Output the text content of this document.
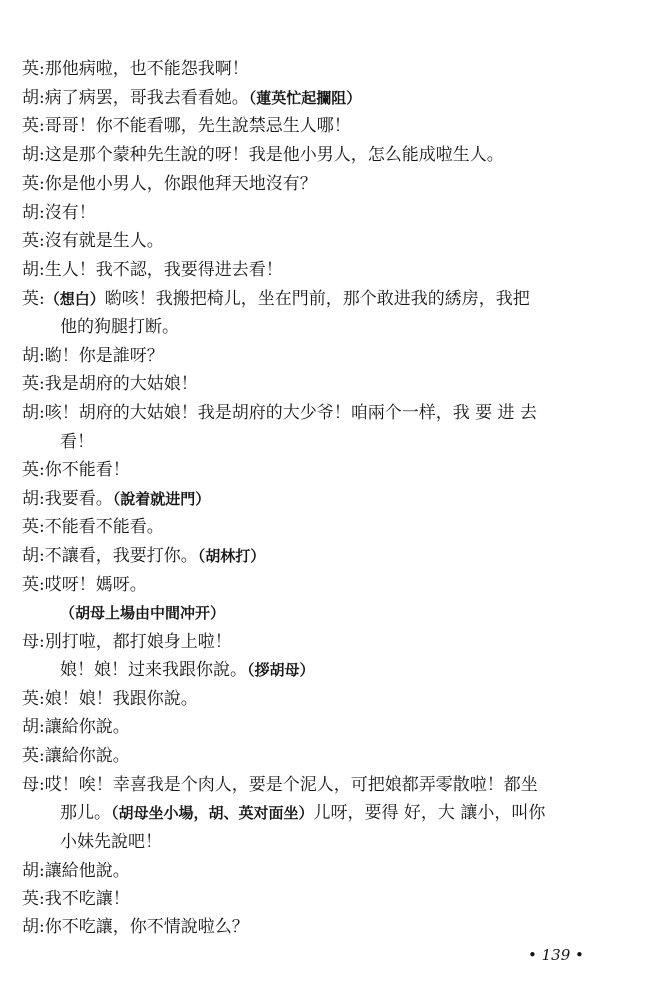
英:那他病啦，也不能怨我啊！
胡:病了病罢，哥我去看看她。（蓮英忙起攔阻）
英:哥哥！你不能看哪，先生說禁忌生人哪！
胡:这是那个蒙种先生說的呀！我是他小男人，怎么能成啦生人。
英:你是他小男人，你跟他拜天地沒有？
胡:沒有！
英:沒有就是生人。
胡:生人！我不認，我要得进去看！
英:（想白）喲咳！我搬把椅儿，坐在門前，那个敢进我的綉房，我把
他的狗腿打断。
胡:喲！你是誰呀？
英:我是胡府的大姑娘！
胡:咳！胡府的大姑娘！我是胡府的大少爷！咱兩个一样，我 要 进 去
看！
英:你不能看！
胡:我要看。（說着就进門）
英:不能看不能看。
胡:不讓看，我要打你。（胡林打）
英:哎呀！媽呀。
（胡母上場由中間冲开）
母:別打啦，都打娘身上啦！
娘！娘！过来我跟你說。（拶胡母）
英:娘！娘！我跟你說。
胡:讓給你說。
英:讓給你說。
母:哎！唉！幸喜我是个肉人，要是个泥人，可把娘都弄零散啦！都坐
那儿。（胡母坐小場，胡、英对面坐）儿呀，要得 好，大 讓小，叫你
小妹先說吧！
胡:讓給他說。
英:我不吃讓！
胡:你不吃讓，你不情說啦么？
• 139 •
